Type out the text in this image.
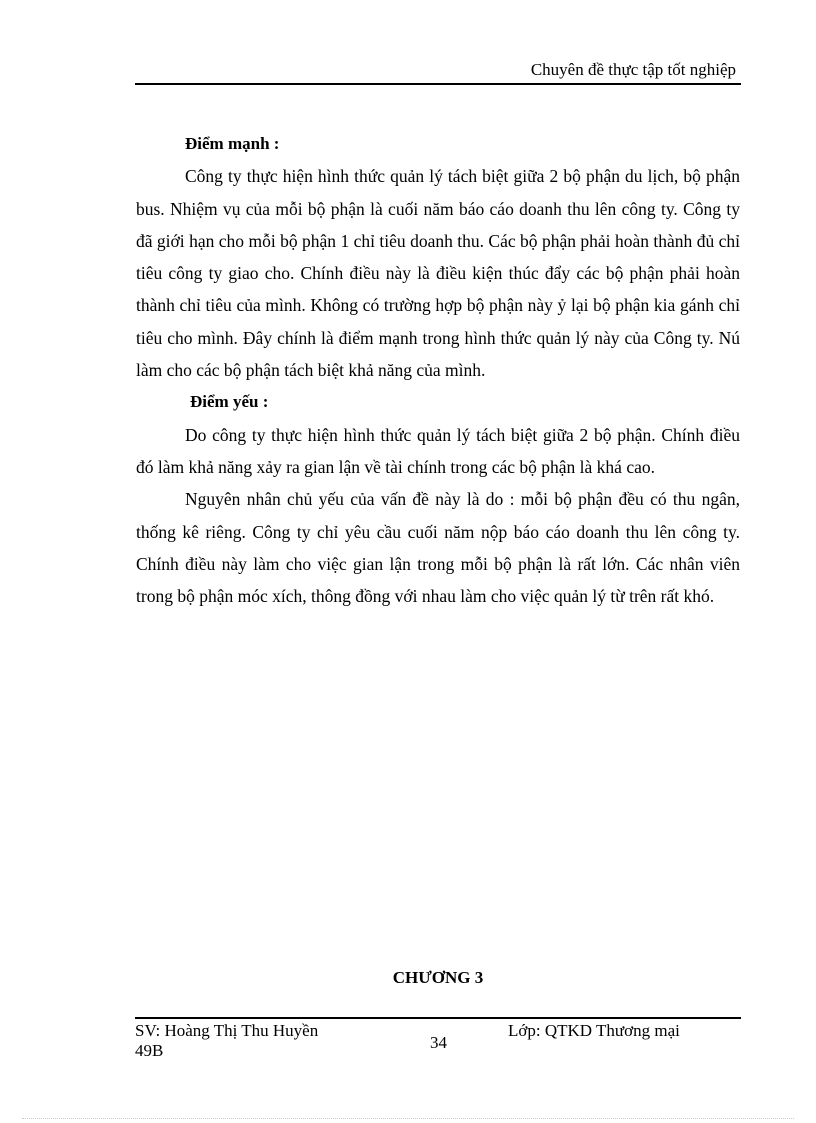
Chuyên đề thực tập tốt nghiệp

Điểm mạnh :

Công ty thực hiện hình thức quản lý tách biệt giữa 2 bộ phận du lịch, bộ phận bus. Nhiệm vụ của mỗi bộ phận là cuối năm báo cáo doanh thu lên công ty. Công ty đã giới hạn cho mỗi bộ phận 1 chỉ tiêu doanh thu. Các bộ phận phải hoàn thành đủ chỉ tiêu công ty giao cho. Chính điều này là điều kiện thúc đẩy các bộ phận phải hoàn thành chỉ tiêu của mình. Không có trường hợp bộ phận này ỷ lại bộ phận kia gánh chỉ tiêu cho mình. Đây chính là điểm mạnh trong hình thức quản lý này của Công ty. Nú làm cho các bộ phận tách biệt khả năng của mình.

Điểm yếu :

Do công ty thực hiện hình thức quản lý tách biệt giữa 2 bộ phận. Chính điều đó làm khả năng xảy ra gian lận về tài chính trong các bộ phận là khá cao.

Nguyên nhân chủ yếu của vấn đề này là do : mỗi bộ phận đều có thu ngân, thống kê riêng. Công ty chỉ yêu cầu cuối năm nộp báo cáo doanh thu lên công ty. Chính điều này làm cho việc gian lận trong mỗi bộ phận là rất lớn. Các nhân viên trong bộ phận móc xích, thông đồng với nhau làm cho việc quản lý từ trên rất khó.

CHƯƠNG 3
SV: Hoàng Thị Thu Huyền
49B	34
Lớp: QTKD Thương mại
